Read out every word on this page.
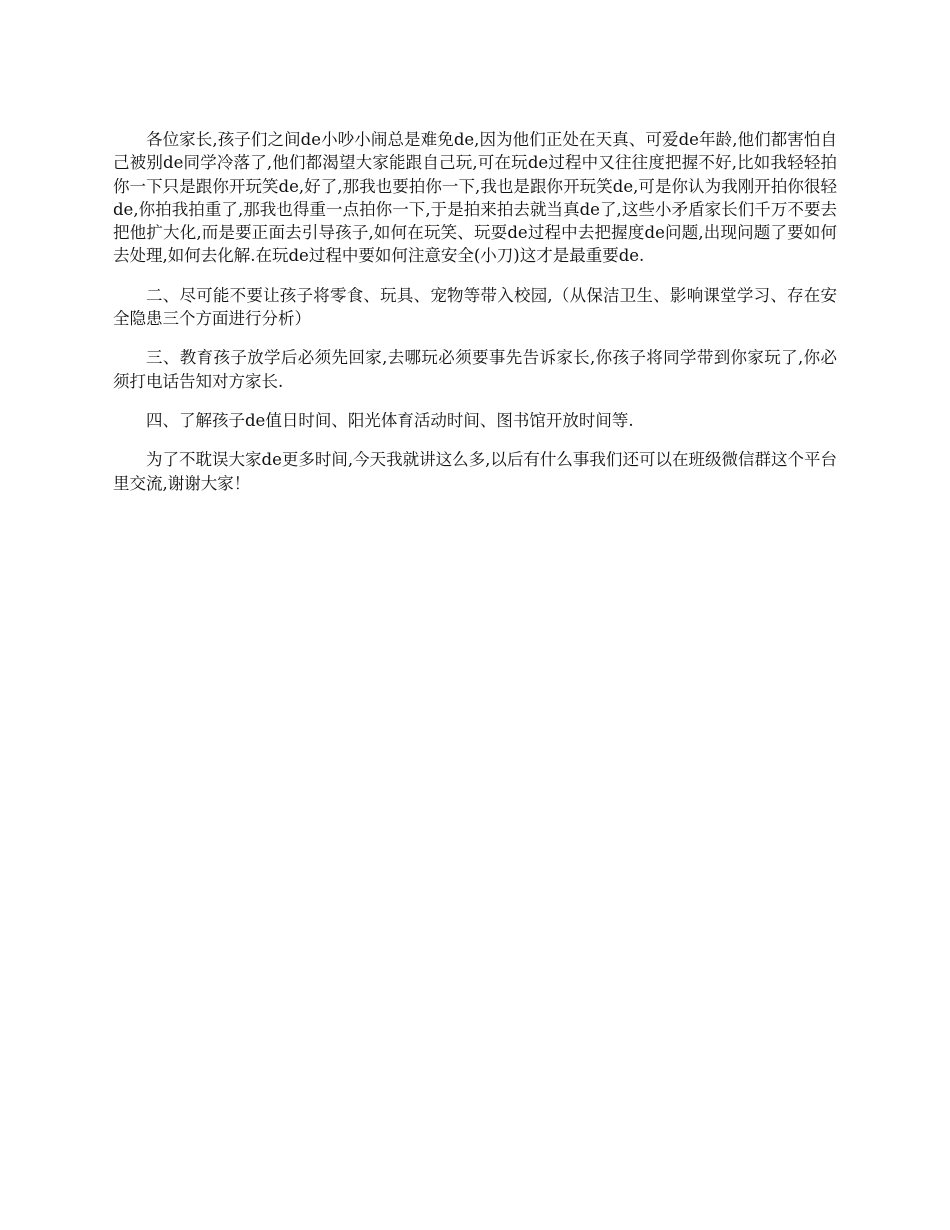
各位家长,孩子们之间de小吵小闹总是难免de,因为他们正处在天真、可爱de年龄,他们都害怕自己被别de同学冷落了,他们都渴望大家能跟自己玩,可在玩de过程中又往往度把握不好,比如我轻轻拍你一下只是跟你开玩笑de,好了,那我也要拍你一下,我也是跟你开玩笑de,可是你认为我刚开拍你很轻de,你拍我拍重了,那我也得重一点拍你一下,于是拍来拍去就当真de了,这些小矛盾家长们千万不要去把他扩大化,而是要正面去引导孩子,如何在玩笑、玩耍de过程中去把握度de问题,出现问题了要如何去处理,如何去化解.在玩de过程中要如何注意安全(小刀)这才是最重要de.

二、尽可能不要让孩子将零食、玩具、宠物等带入校园,（从保洁卫生、影响课堂学习、存在安全隐患三个方面进行分析）

三、教育孩子放学后必须先回家,去哪玩必须要事先告诉家长,你孩子将同学带到你家玩了,你必须打电话告知对方家长.

四、了解孩子de值日时间、阳光体育活动时间、图书馆开放时间等.

为了不耽误大家de更多时间,今天我就讲这么多,以后有什么事我们还可以在班级微信群这个平台里交流,谢谢大家！
